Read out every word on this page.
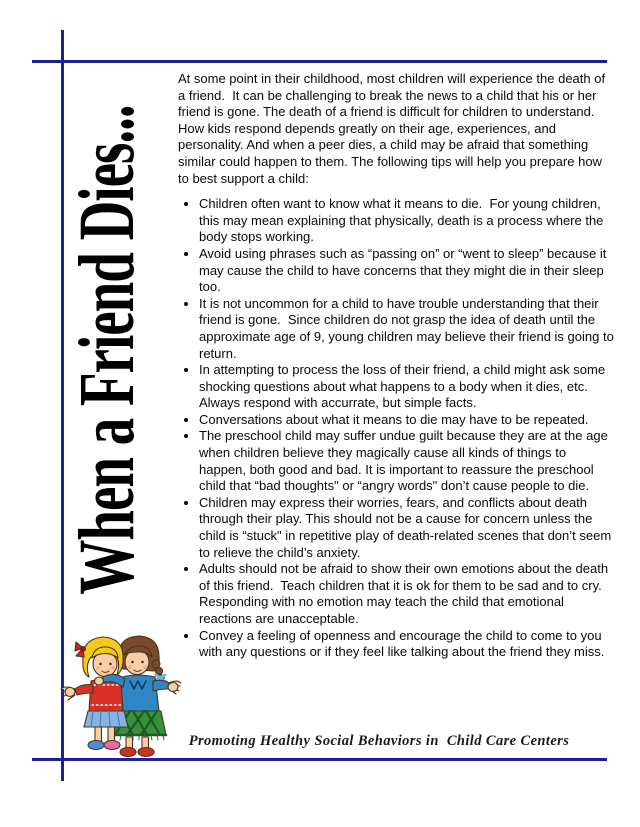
When a Friend Dies...

At some point in their childhood, most children will experience the death of a friend.  It can be challenging to break the news to a child that his or her friend is gone. The death of a friend is difficult for children to understand.  How kids respond depends greatly on their age, experiences, and personality. And when a peer dies, a child may be afraid that something similar could happen to them. The following tips will help you prepare how to best support a child:

• Children often want to know what it means to die.  For young children, this may mean explaining that physically, death is a process where the body stops working.
• Avoid using phrases such as “passing on” or “went to sleep” because it may cause the child to have concerns that they might die in their sleep too.
• It is not uncommon for a child to have trouble understanding that their friend is gone.  Since children do not grasp the idea of death until the approximate age of 9, young children may believe their friend is going to return.
• In attempting to process the loss of their friend, a child might ask some shocking questions about what happens to a body when it dies, etc.  Always respond with accurrate, but simple facts.
• Conversations about what it means to die may have to be repeated.
• The preschool child may suffer undue guilt because they are at the age when children believe they magically cause all kinds of things to happen, both good and bad. It is important to reassure the preschool child that “bad thoughts" or “angry words" don’t cause people to die.
• Children may express their worries, fears, and conflicts about death through their play. This should not be a cause for concern unless the child is “stuck" in repetitive play of death-related scenes that don’t seem to relieve the child’s anxiety.
• Adults should not be afraid to show their own emotions about the death of this friend.  Teach children that it is ok for them to be sad and to cry.  Responding with no emotion may teach the child that emotional reactions are unacceptable.
• Convey a feeling of openness and encourage the child to come to you with any questions or if they feel like talking about the friend they miss.
Promoting Healthy Social Behaviors in  Child Care Centers
